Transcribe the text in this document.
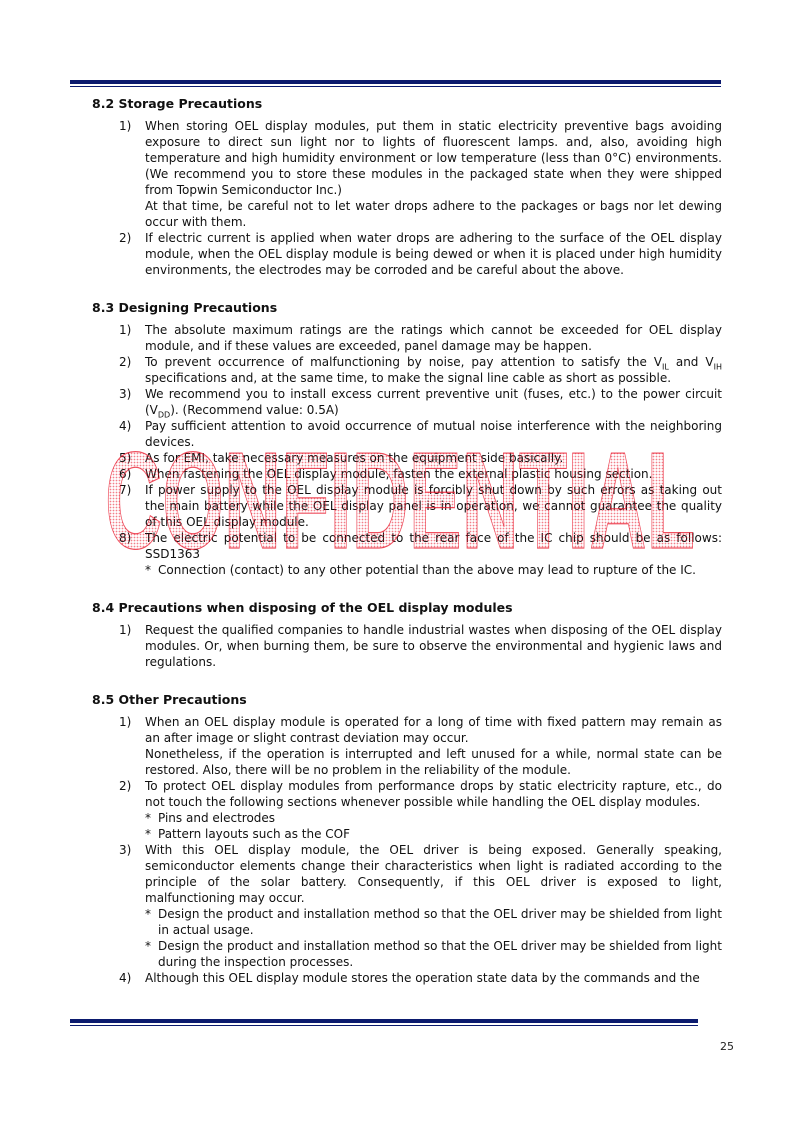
8.2 Storage Precautions
1) When storing OEL display modules, put them in static electricity preventive bags avoiding exposure to direct sun light nor to lights of fluorescent lamps. and, also, avoiding high temperature and high humidity environment or low temperature (less than 0°C) environments. (We recommend you to store these modules in the packaged state when they were shipped from Topwin Semiconductor Inc.)
At that time, be careful not to let water drops adhere to the packages or bags nor let dewing occur with them.
2) If electric current is applied when water drops are adhering to the surface of the OEL display module, when the OEL display module is being dewed or when it is placed under high humidity environments, the electrodes may be corroded and be careful about the above.
8.3 Designing Precautions
1) The absolute maximum ratings are the ratings which cannot be exceeded for OEL display module, and if these values are exceeded, panel damage may be happen.
2) To prevent occurrence of malfunctioning by noise, pay attention to satisfy the $V_{IL}$ and $V_{IH}$ specifications and, at the same time, to make the signal line cable as short as possible.
3) We recommend you to install excess current preventive unit (fuses, etc.) to the power circuit $(V_{DD})$. (Recommend value: 0.5A)
4) Pay sufficient attention to avoid occurrence of mutual noise interference with the neighboring devices.
5) As for EMI, take necessary measures on the equipment side basically.
6) When fastening the OEL display module, fasten the external plastic housing section.
7) If power supply to the OEL display module is forcibly shut down by such errors as taking out the main battery while the OEL display panel is in operation, we cannot guarantee the quality of this OEL display module.
8) The electric potential to be connected to the rear face of the IC chip should be as follows: SSD1363
* Connection (contact) to any other potential than the above may lead to rupture of the IC.
8.4 Precautions when disposing of the OEL display modules
1) Request the qualified companies to handle industrial wastes when disposing of the OEL display modules. Or, when burning them, be sure to observe the environmental and hygienic laws and regulations.
8.5 Other Precautions
1) When an OEL display module is operated for a long of time with fixed pattern may remain as an after image or slight contrast deviation may occur.
Nonetheless, if the operation is interrupted and left unused for a while, normal state can be restored. Also, there will be no problem in the reliability of the module.
2) To protect OEL display modules from performance drops by static electricity rapture, etc., do not touch the following sections whenever possible while handling the OEL display modules.
* Pins and electrodes
* Pattern layouts such as the COF
3) With this OEL display module, the OEL driver is being exposed. Generally speaking, semiconductor elements change their characteristics when light is radiated according to the principle of the solar battery. Consequently, if this OEL driver is exposed to light, malfunctioning may occur.
* Design the product and installation method so that the OEL driver may be shielded from light in actual usage.
* Design the product and installation method so that the OEL driver may be shielded from light during the inspection processes.
4) Although this OEL display module stores the operation state data by the commands and the
CONFIDENTIAL
25
